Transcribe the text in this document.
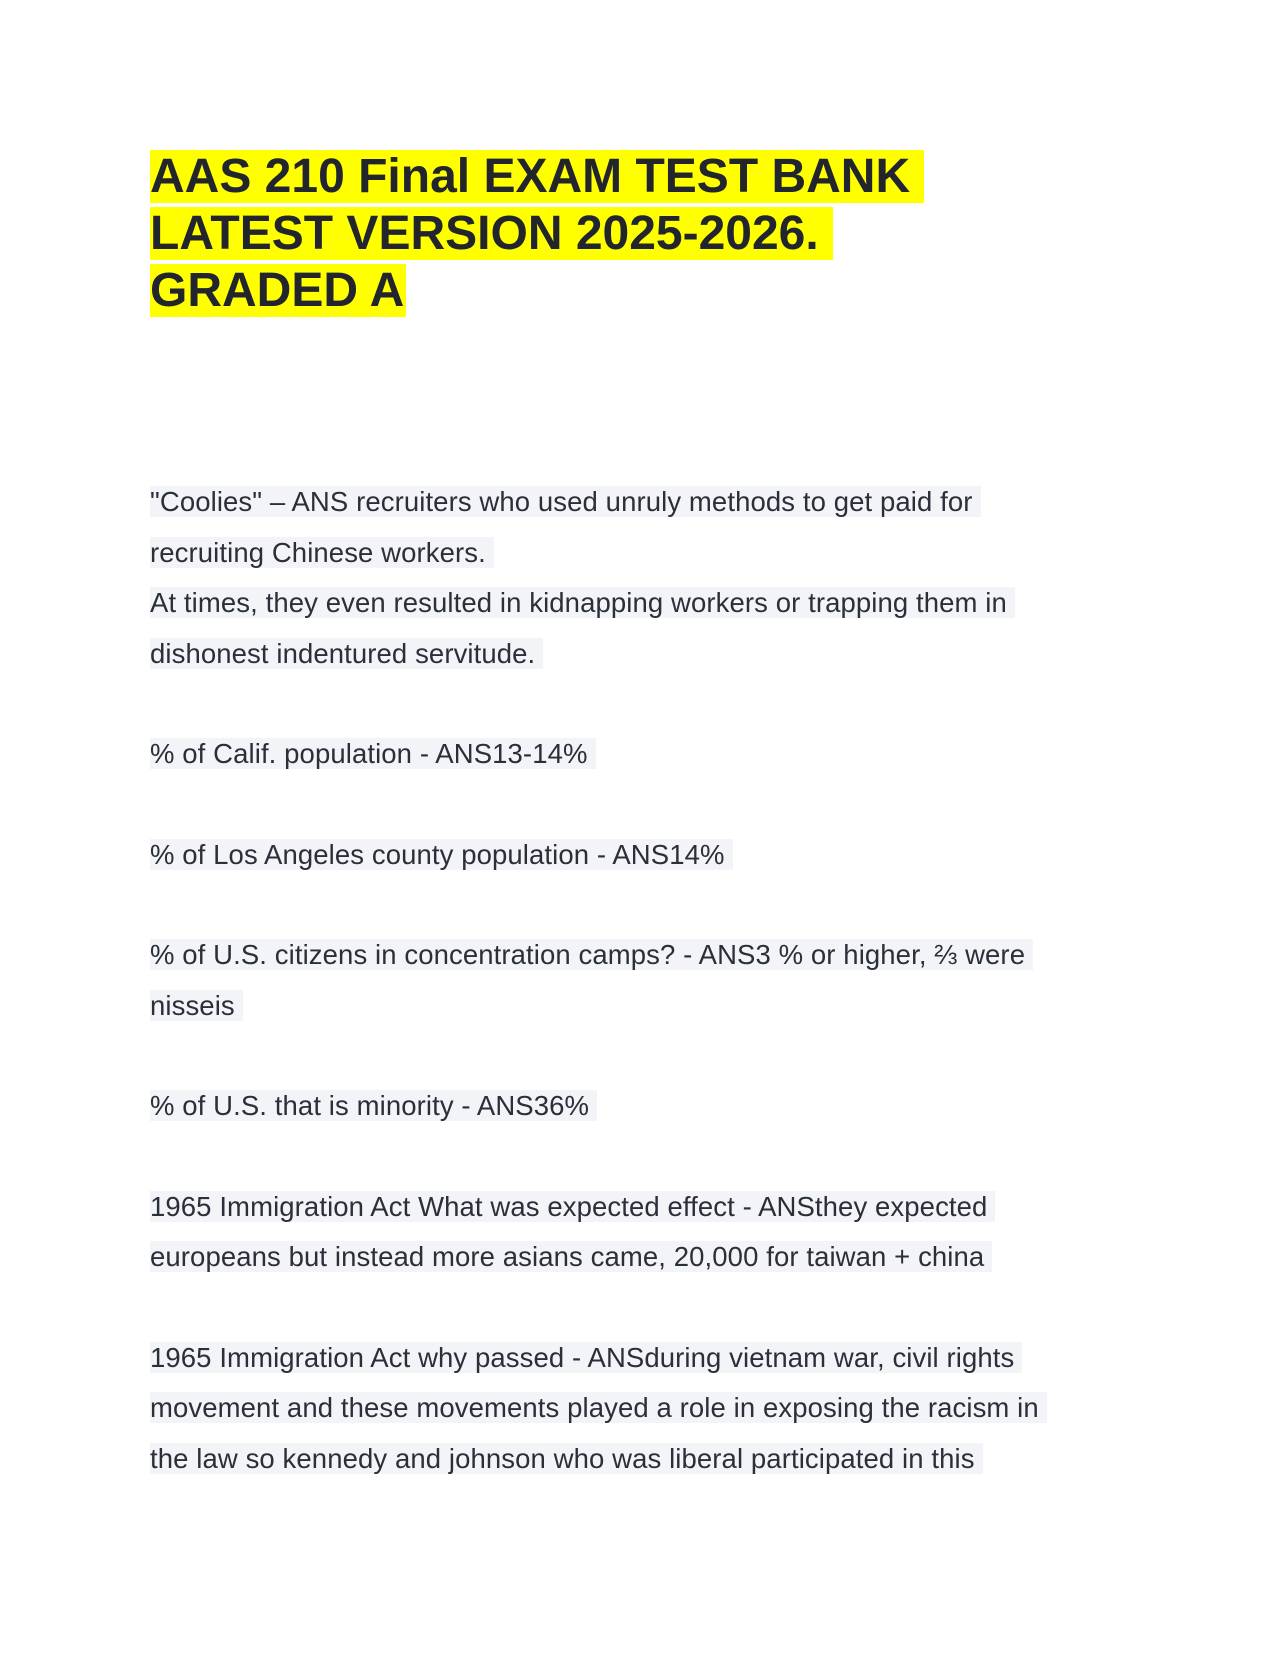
AAS 210 Final EXAM TEST BANK
LATEST VERSION 2025-2026.
GRADED A

"Coolies" – ANS recruiters who used unruly methods to get paid for
recruiting Chinese workers.
At times, they even resulted in kidnapping workers or trapping them in
dishonest indentured servitude.

% of Calif. population - ANS13-14%

% of Los Angeles county population - ANS14%

% of U.S. citizens in concentration camps? - ANS3 % or higher, ⅔ were
nisseis

% of U.S. that is minority - ANS36%

1965 Immigration Act What was expected effect - ANSthey expected
europeans but instead more asians came, 20,000 for taiwan + china

1965 Immigration Act why passed - ANSduring vietnam war, civil rights
movement and these movements played a role in exposing the racism in
the law so kennedy and johnson who was liberal participated in this
